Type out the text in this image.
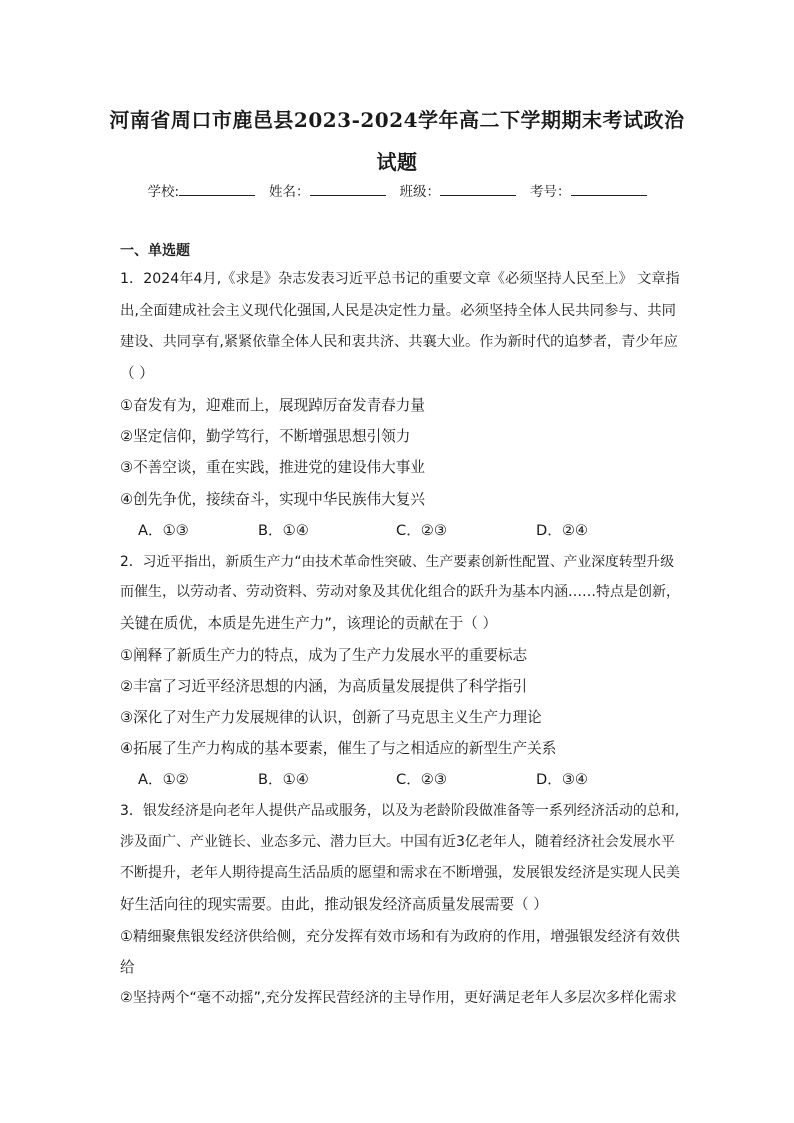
河南省周口市鹿邑县2023-2024学年高二下学期期末考试政治
试题
学校:	姓名：	班级：	考号：
一、单选题
1．2024年4月,《求是》杂志发表习近平总书记的重要文章《必须坚持人民至上》 文章指
出,全面建成社会主义现代化强国,人民是决定性力量。必须坚持全体人民共同参与、共同
建设、共同享有,紧紧依靠全体人民和衷共济、共襄大业。作为新时代的追梦者，青少年应
（ ）
①奋发有为，迎难而上，展现踔厉奋发青春力量
②坚定信仰，勤学笃行，不断增强思想引领力
③不善空谈，重在实践，推进党的建设伟大事业
④创先争优，接续奋斗，实现中华民族伟大复兴
A．①③	B．①④	C．②③	D．②④
2．习近平指出，新质生产力“由技术革命性突破、生产要素创新性配置、产业深度转型升级
而催生，以劳动者、劳动资料、劳动对象及其优化组合的跃升为基本内涵……特点是创新，
关键在质优，本质是先进生产力”，该理论的贡献在于（ ）
①阐释了新质生产力的特点，成为了生产力发展水平的重要标志
②丰富了习近平经济思想的内涵，为高质量发展提供了科学指引
③深化了对生产力发展规律的认识，创新了马克思主义生产力理论
④拓展了生产力构成的基本要素，催生了与之相适应的新型生产关系
A．①②	B．①④	C．②③	D．③④
3．银发经济是向老年人提供产品或服务，以及为老龄阶段做准备等一系列经济活动的总和,
涉及面广、产业链长、业态多元、潜力巨大。中国有近3亿老年人，随着经济社会发展水平
不断提升，老年人期待提高生活品质的愿望和需求在不断增强，发展银发经济是实现人民美
好生活向往的现实需要。由此，推动银发经济高质量发展需要（ ）
①精细聚焦银发经济供给侧，充分发挥有效市场和有为政府的作用，增强银发经济有效供
给
②坚持两个“毫不动摇”,充分发挥民营经济的主导作用，更好满足老年人多层次多样化需求
